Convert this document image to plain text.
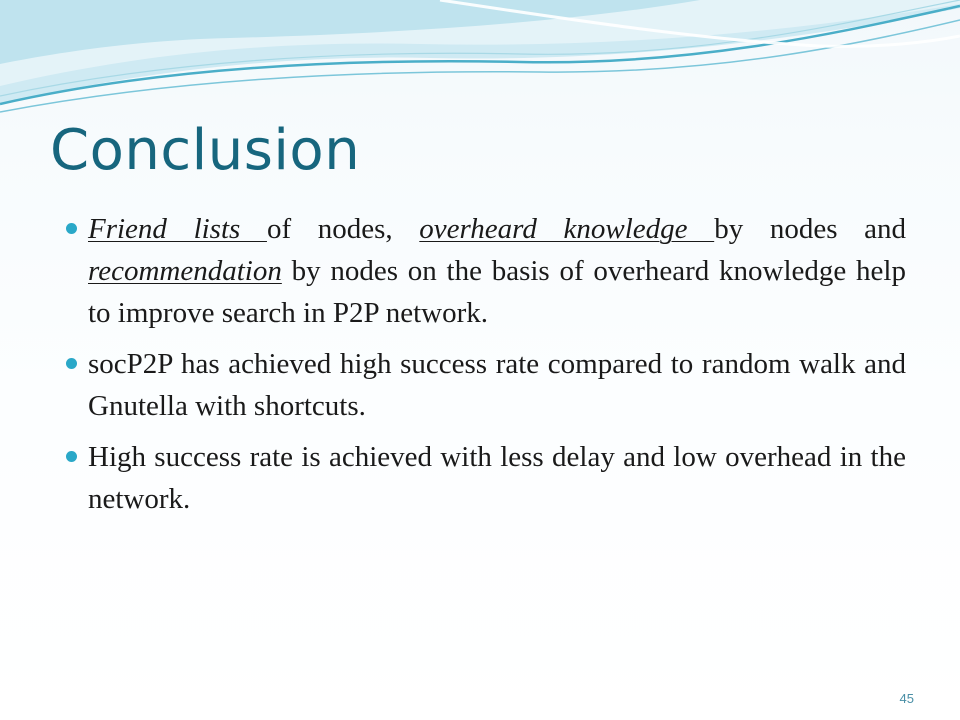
Conclusion
Friend lists of nodes, overheard knowledge by nodes and recommendation by nodes on the basis of overheard knowledge help to improve search in P2P network.
socP2P has achieved high success rate compared to random walk and Gnutella with shortcuts.
High success rate is achieved with less delay and low overhead in the network.
45
